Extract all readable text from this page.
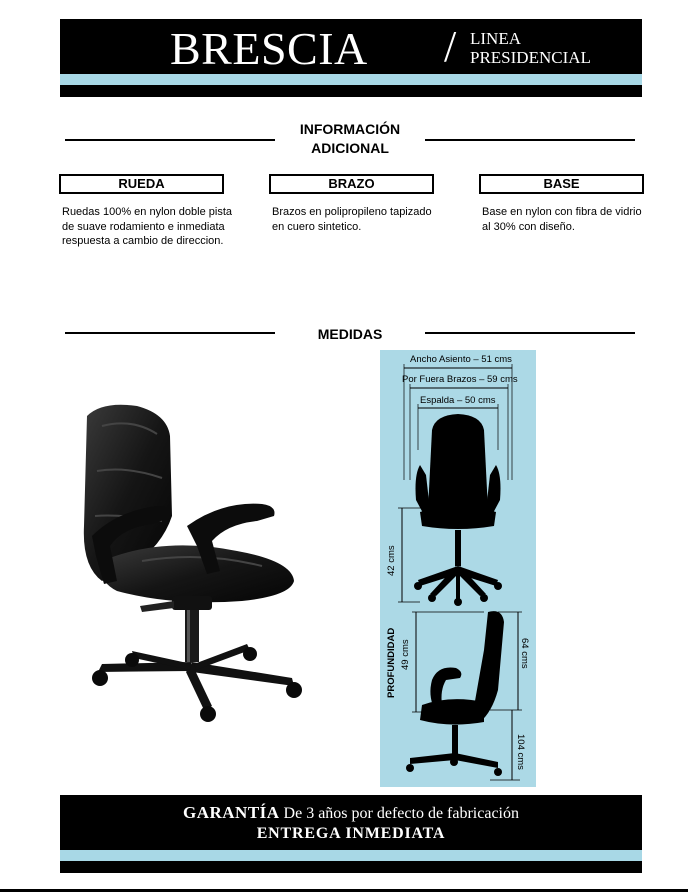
BRESCIA / LINEA
PRESIDENCIAL
INFORMACIÓN
ADICIONAL
RUEDA	BRAZO	BASE
Ruedas 100% en nylon doble pista de suave rodamiento e inmediata respuesta a cambio de direccion.
Brazos en polipropileno tapizado en cuero sintetico.
Base en nylon con fibra de vidrio al 30% con diseño.
MEDIDAS
Ancho Asiento – 51 cms
Por Fuera Brazos – 59 cms
Espalda – 50 cms
42 cms
PROFUNDIDAD 49 cms	64 cms
104 cms
GARANTÍA De 3 años por defecto de fabricación
ENTREGA INMEDIATA
